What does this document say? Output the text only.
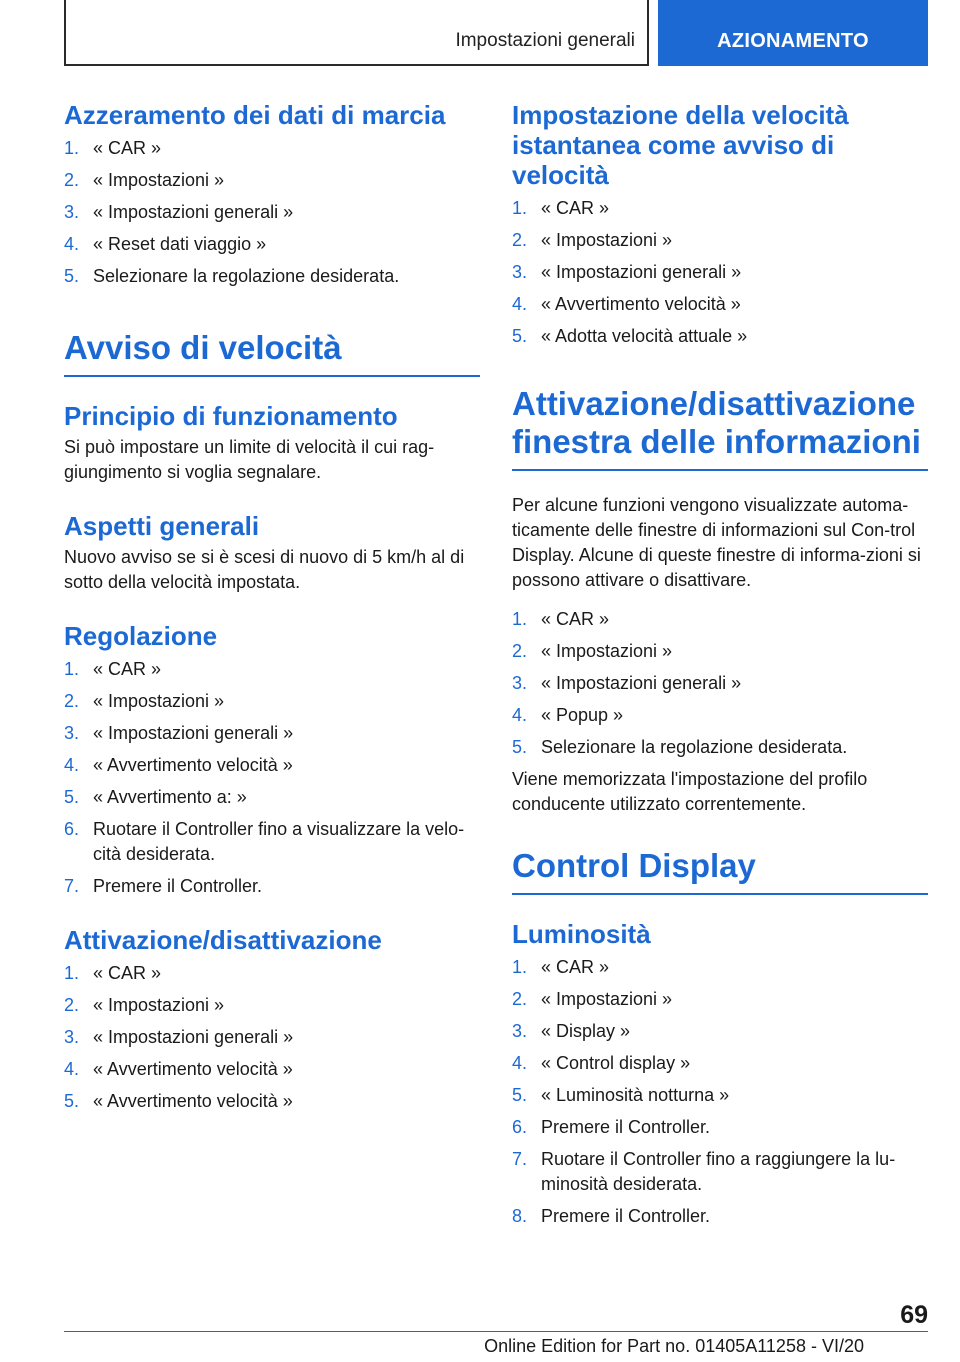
Impostazioni generali	AZIONAMENTO
Azzeramento dei dati di marcia
1. « CAR »
2. « Impostazioni »
3. « Impostazioni generali »
4. « Reset dati viaggio »
5. Selezionare la regolazione desiderata.
Avviso di velocità
Principio di funzionamento
Si può impostare un limite di velocità il cui rag-giungimento si voglia segnalare.
Aspetti generali
Nuovo avviso se si è scesi di nuovo di 5 km/h al di sotto della velocità impostata.
Regolazione
1. « CAR »
2. « Impostazioni »
3. « Impostazioni generali »
4. « Avvertimento velocità »
5. « Avvertimento a: »
6. Ruotare il Controller fino a visualizzare la velo-cità desiderata.
7. Premere il Controller.
Attivazione/disattivazione
1. « CAR »
2. « Impostazioni »
3. « Impostazioni generali »
4. « Avvertimento velocità »
5. « Avvertimento velocità »
Impostazione della velocità istantanea come avviso di velocità
1. « CAR »
2. « Impostazioni »
3. « Impostazioni generali »
4. « Avvertimento velocità »
5. « Adotta velocità attuale »
Attivazione/disattivazione finestra delle informazioni
Per alcune funzioni vengono visualizzate automa-ticamente delle finestre di informazioni sul Con-trol Display. Alcune di queste finestre di informa-zioni si possono attivare o disattivare.
1. « CAR »
2. « Impostazioni »
3. « Impostazioni generali »
4. « Popup »
5. Selezionare la regolazione desiderata.
Viene memorizzata l'impostazione del profilo conducente utilizzato correntemente.
Control Display
Luminosità
1. « CAR »
2. « Impostazioni »
3. « Display »
4. « Control display »
5. « Luminosità notturna »
6. Premere il Controller.
7. Ruotare il Controller fino a raggiungere la lu-minosità desiderata.
8. Premere il Controller.
69
Online Edition for Part no. 01405A11258 - VI/20
